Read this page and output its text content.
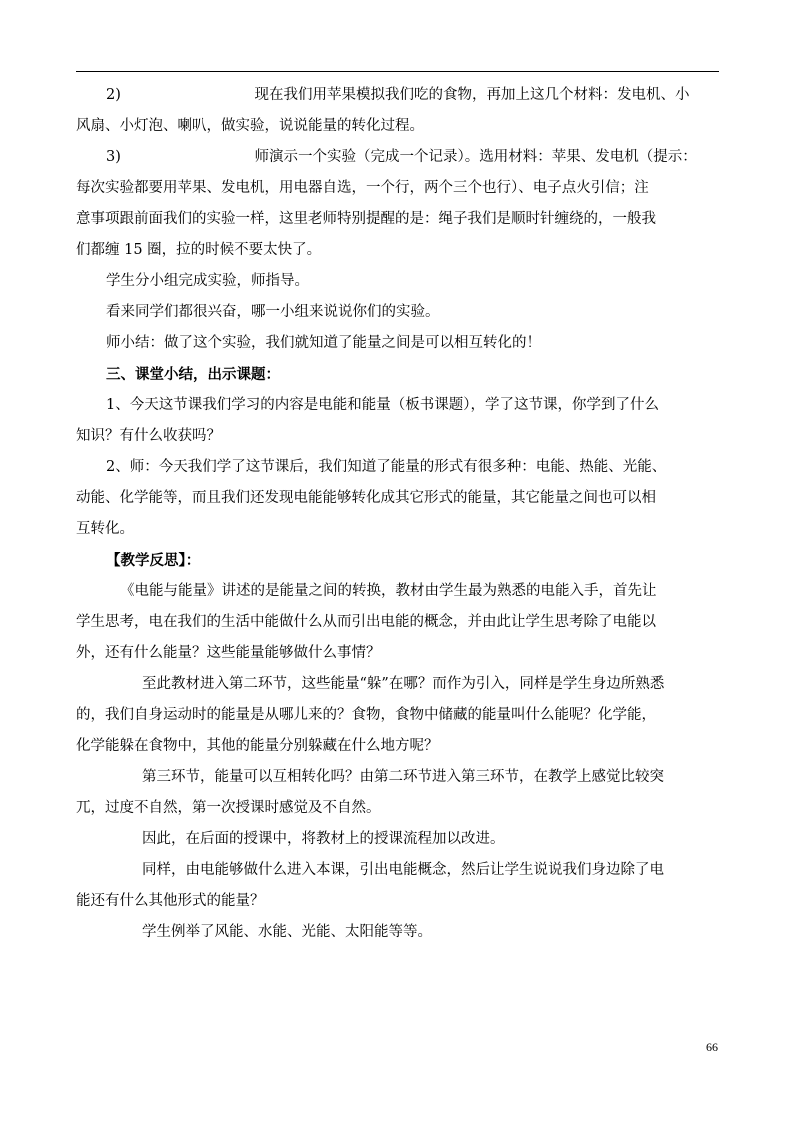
2)                             现在我们用苹果模拟我们吃的食物，再加上这几个材料：发电机、小
风扇、小灯泡、喇叭，做实验，说说能量的转化过程。
3)                             师演示一个实验（完成一个记录）。选用材料：苹果、发电机（提示：
每次实验都要用苹果、发电机，用电器自选，一个行，两个三个也行）、电子点火引信；注
意事项跟前面我们的实验一样，这里老师特别提醒的是：绳子我们是顺时针缠绕的，一般我
们都缠 15 圈，拉的时候不要太快了。
学生分小组完成实验，师指导。
看来同学们都很兴奋，哪一小组来说说你们的实验。
师小结：做了这个实验，我们就知道了能量之间是可以相互转化的！
三、课堂小结，出示课题：
1、今天这节课我们学习的内容是电能和能量（板书课题），学了这节课，你学到了什么
知识？有什么收获吗？
2、师：今天我们学了这节课后，我们知道了能量的形式有很多种：电能、热能、光能、
动能、化学能等，而且我们还发现电能能够转化成其它形式的能量，其它能量之间也可以相
互转化。
【教学反思】：
《电能与能量》讲述的是能量之间的转换，教材由学生最为熟悉的电能入手，首先让
学生思考，电在我们的生活中能做什么从而引出电能的概念，并由此让学生思考除了电能以
外，还有什么能量？这些能量能够做什么事情？
至此教材进入第二环节，这些能量“躲”在哪？而作为引入，同样是学生身边所熟悉
的，我们自身运动时的能量是从哪儿来的？食物，食物中储藏的能量叫什么能呢？化学能，
化学能躲在食物中，其他的能量分别躲藏在什么地方呢？
第三环节，能量可以互相转化吗？由第二环节进入第三环节，在教学上感觉比较突
兀，过度不自然，第一次授课时感觉及不自然。
因此，在后面的授课中，将教材上的授课流程加以改进。
同样，由电能够做什么进入本课，引出电能概念，然后让学生说说我们身边除了电
能还有什么其他形式的能量？
学生例举了风能、水能、光能、太阳能等等。
66
